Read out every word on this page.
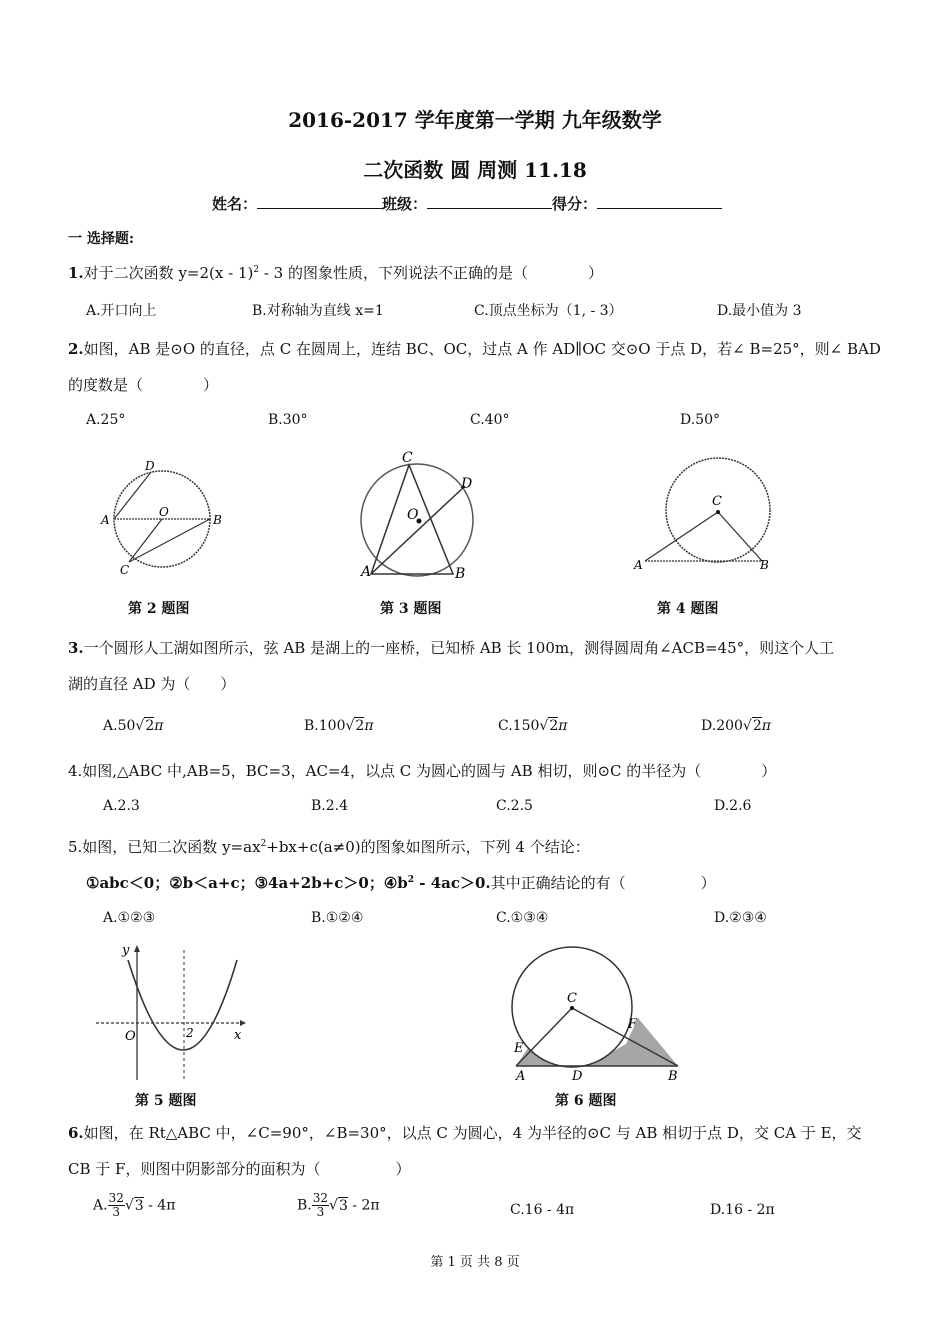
2016-2017 学年度第一学期 九年级数学
二次函数 圆 周测 11.18
姓名：	班级：	得分：
一 选择题:
1.对于二次函数 y=2(x - 1)$^2$ - 3 的图象性质，下列说法不正确的是（　　　　）
A.开口向上	B.对称轴为直线 x=1	C.顶点坐标为（1, - 3）	D.最小值为 3
2.如图，AB 是⊙O 的直径，点 C 在圆周上，连结 BC、OC，过点 A 作 AD∥OC 交⊙O 于点 D，若∠ B=25°，则∠ BAD
的度数是（　　　　）
A.25°	B.30°	C.40°	D.50°
D
A
O
B
C
C
D
O
A	B
C
A	B
第 2 题图	第 3 题图	第 4 题图
3.一个圆形人工湖如图所示，弦 AB 是湖上的一座桥，已知桥 AB 长 100m，测得圆周角∠ACB=45°，则这个人工
湖的直径 AD 为（　　）
A.50√2π	B.100√2π	C.150√2π	D.200√2π
4.如图,△ABC 中,AB=5，BC=3，AC=4，以点 C 为圆心的圆与 AB 相切，则⊙C 的半径为（　　　　）
A.2.3	B.2.4	C.2.5	D.2.6
5.如图，已知二次函数 $y=ax^2+bx+c(a\ne 0)$的图象如图所示，下列 4 个结论：
①abc＜0；②b＜a+c；③4a+2b+c＞0；$④b^2 - 4ac>0$.其中正确结论的有（　　　　　）
A.①②③	B.①②④	C.①③④	D.②③④
y
O	2	x
C
F
E
A	D	B
第 5 题图	第 6 题图
6.如图，在 Rt△ABC 中，∠C=90°，∠B=30°，以点 C 为圆心，4 为半径的⊙C 与 AB 相切于点 D，交 CA 于 E，交
CB 于 F，则图中阴影部分的面积为（　　　　　）
A. $\frac{32}{3} √3 - 4\pi$	B. $\frac{32}{3} √3 - 2\pi$	C.16 - 4π	D.16 - 2π
第 1 页 共 8 页
